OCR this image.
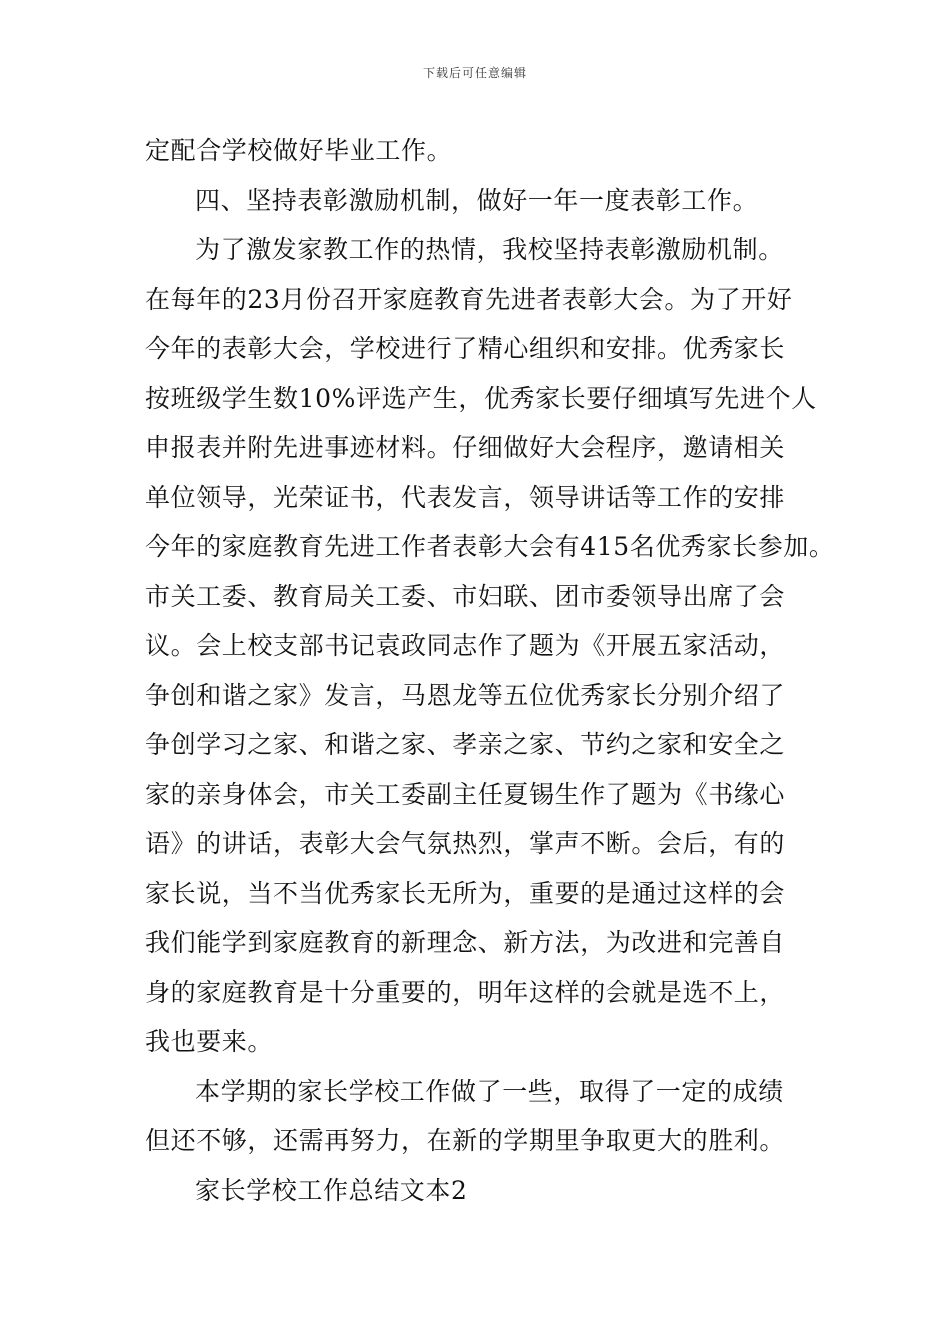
下载后可任意编辑
定配合学校做好毕业工作。
四、坚持表彰激励机制，做好一年一度表彰工作。
为了激发家教工作的热情，我校坚持表彰激励机制。
在每年的23月份召开家庭教育先进者表彰大会。为了开好
今年的表彰大会，学校进行了精心组织和安排。优秀家长
按班级学生数10%评选产生，优秀家长要仔细填写先进个人
申报表并附先进事迹材料。仔细做好大会程序，邀请相关
单位领导，光荣证书，代表发言，领导讲话等工作的安排
今年的家庭教育先进工作者表彰大会有415名优秀家长参加。
市关工委、教育局关工委、市妇联、团市委领导出席了会
议。会上校支部书记袁政同志作了题为《开展五家活动，
争创和谐之家》发言，马恩龙等五位优秀家长分别介绍了
争创学习之家、和谐之家、孝亲之家、节约之家和安全之
家的亲身体会，市关工委副主任夏锡生作了题为《书缘心
语》的讲话，表彰大会气氛热烈，掌声不断。会后，有的
家长说，当不当优秀家长无所为，重要的是通过这样的会
我们能学到家庭教育的新理念、新方法，为改进和完善自
身的家庭教育是十分重要的，明年这样的会就是选不上，
我也要来。
本学期的家长学校工作做了一些，取得了一定的成绩
但还不够，还需再努力，在新的学期里争取更大的胜利。
家长学校工作总结文本2
